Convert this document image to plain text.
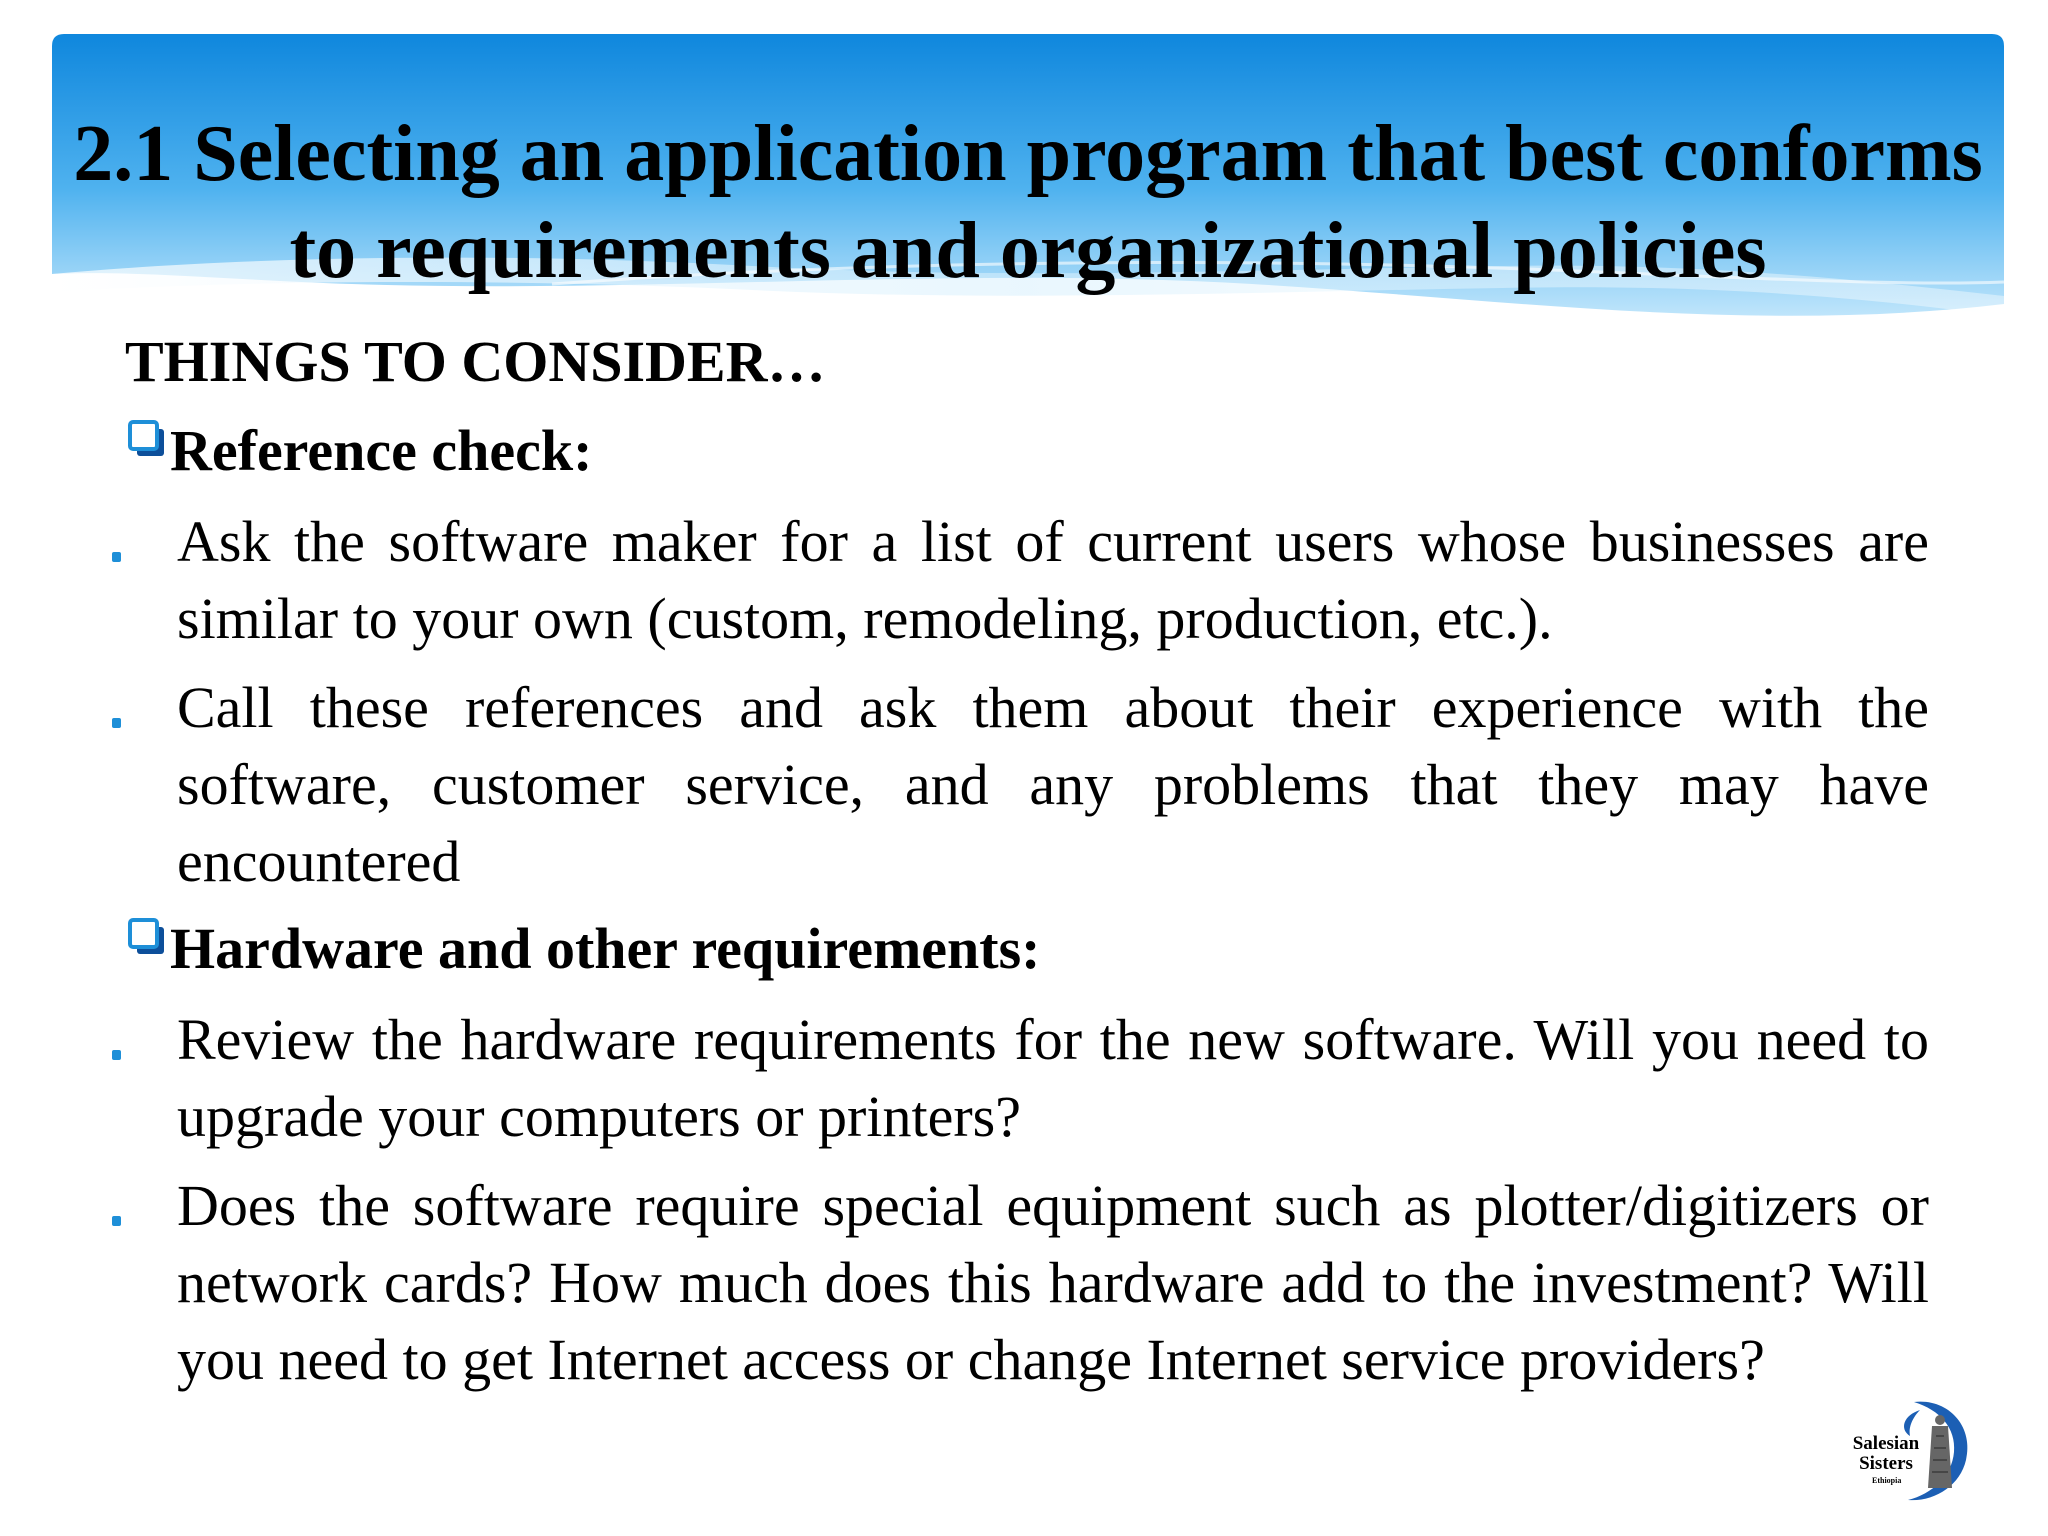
2.1 Selecting an application program that best conforms to requirements and organizational policies
THINGS TO CONSIDER…
Reference check:

Ask the software maker for a list of current users whose businesses are similar to your own (custom, remodeling, production, etc.).

Call these references and ask them about their experience with the software, customer service, and any problems that they may have encountered

Hardware and other requirements:

Review the hardware requirements for the new software. Will you need to upgrade your computers or printers?

Does the software require special equipment such as plotter/digitizers or network cards? How much does this hardware add to the investment? Will you need to get Internet access or change Internet service providers?

Salesian
Sisters
Ethiopia
